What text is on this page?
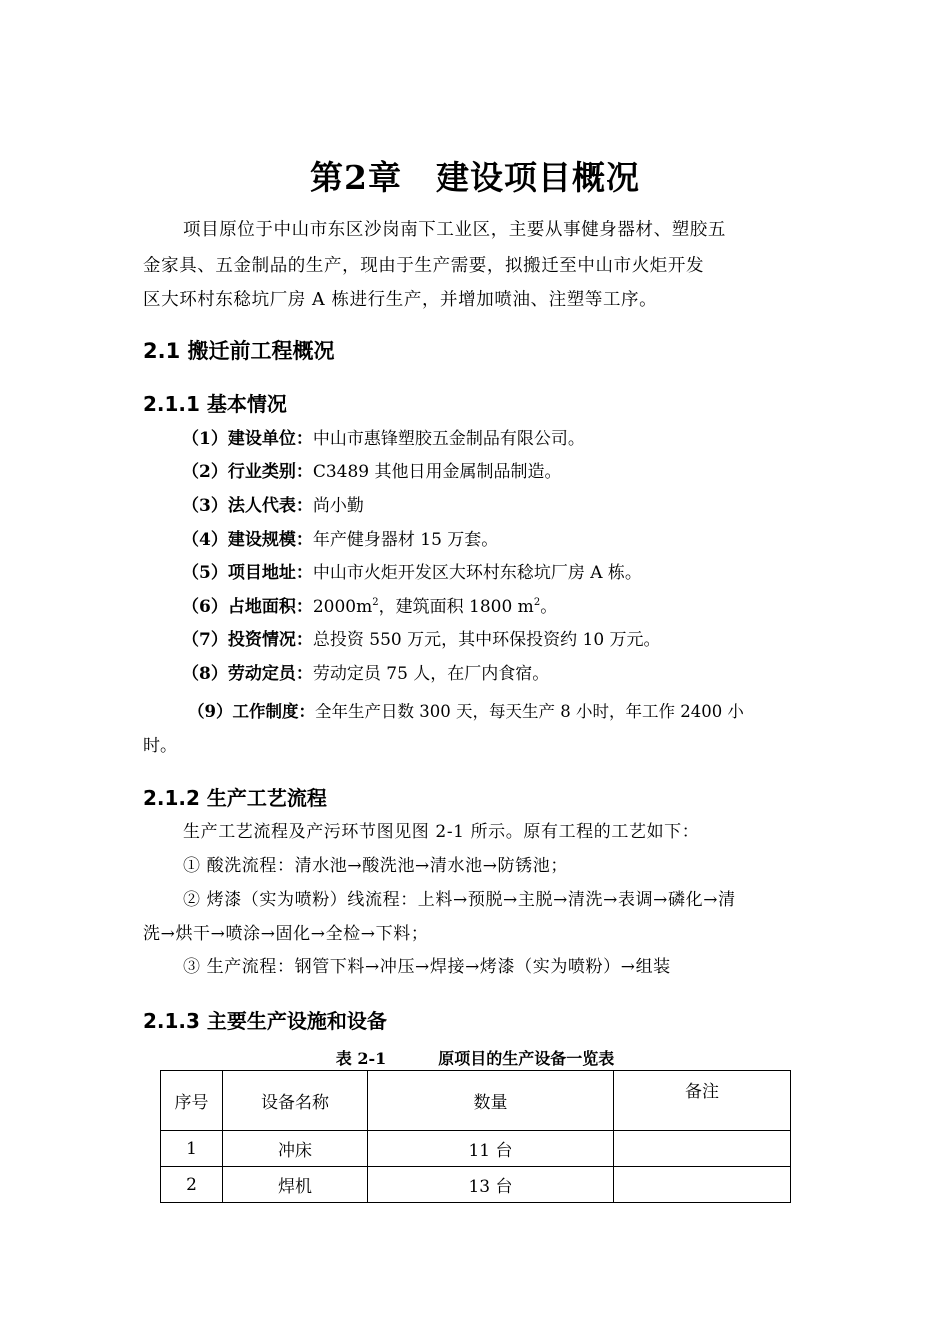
第2章　建设项目概况
项目原位于中山市东区沙岗南下工业区，主要从事健身器材、塑胶五
金家具、五金制品的生产，现由于生产需要，拟搬迁至中山市火炬开发
区大环村东稔坑厂房 A 栋进行生产，并增加喷油、注塑等工序。
2.1 搬迁前工程概况
2.1.1 基本情况
（1）建设单位：中山市惠锋塑胶五金制品有限公司。
（2）行业类别：C3489 其他日用金属制品制造。
（3）法人代表：尚小勤
（4）建设规模：年产健身器材 15 万套。
（5）项目地址：中山市火炬开发区大环村东稔坑厂房 A 栋。
（6）占地面积：$2000m^2$，建筑面积 1800 $m^2$。
（7）投资情况：总投资 550 万元，其中环保投资约 10 万元。
（8）劳动定员：劳动定员 75 人，在厂内食宿。
（9）工作制度：全年生产日数 300 天，每天生产 8 小时，年工作 2400 小
时。
2.1.2 生产工艺流程
生产工艺流程及产污环节图见图 2-1 所示。原有工程的工艺如下：
① 酸洗流程：清水池→酸洗池→清水池→防锈池；
② 烤漆（实为喷粉）线流程：上料→预脱→主脱→清洗→表调→磷化→清
洗→烘干→喷涂→固化→全检→下料；
③ 生产流程：钢管下料→冲压→焊接→烤漆（实为喷粉）→组装
2.1.3 主要生产设施和设备
表 2-1	原项目的生产设备一览表
序号	设备名称	数量	备注
1	冲床	11 台	
2	焊机	13 台	
